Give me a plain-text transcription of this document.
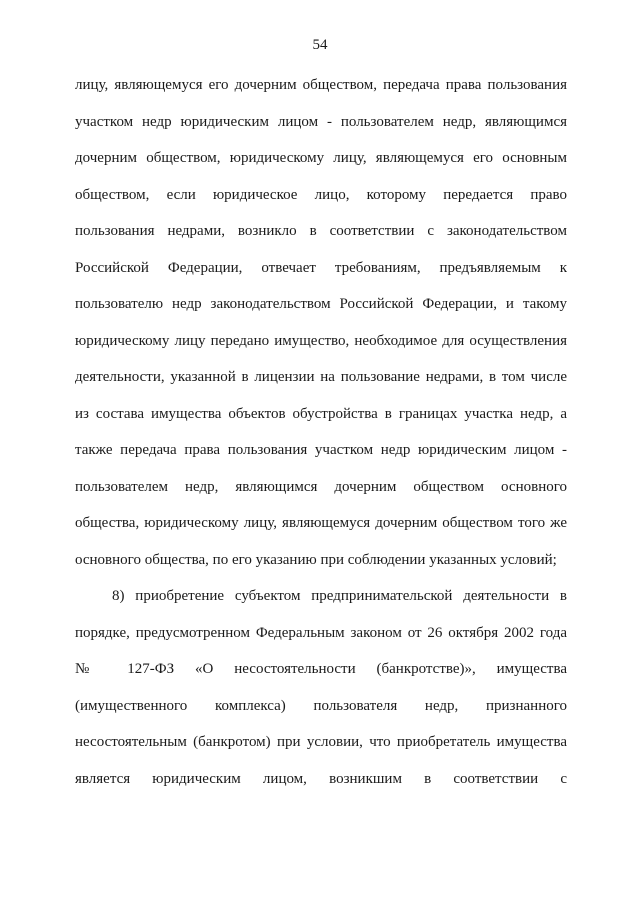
54
лицу, являющемуся его дочерним обществом, передача права пользования
участком недр юридическим лицом - пользователем недр, являющимся
дочерним обществом, юридическому лицу, являющемуся его основным
обществом, если юридическое лицо, которому передается право
пользования недрами, возникло в соответствии с законодательством
Российской Федерации, отвечает требованиям, предъявляемым к
пользователю недр законодательством Российской Федерации, и такому
юридическому лицу передано имущество, необходимое для осуществления
деятельности, указанной в лицензии на пользование недрами, в том числе
из состава имущества объектов обустройства в границах участка недр, а
также передача права пользования участком недр юридическим лицом -
пользователем недр, являющимся дочерним обществом основного
общества, юридическому лицу, являющемуся дочерним обществом того же
основного общества, по его указанию при соблюдении указанных условий;
8) приобретение субъектом предпринимательской деятельности в
порядке, предусмотренном Федеральным законом от 26 октября 2002 года
№ 127-ФЗ «О несостоятельности (банкротстве)», имущества
(имущественного комплекса) пользователя недр, признанного
несостоятельным (банкротом) при условии, что приобретатель имущества
является юридическим лицом, возникшим в соответствии с
